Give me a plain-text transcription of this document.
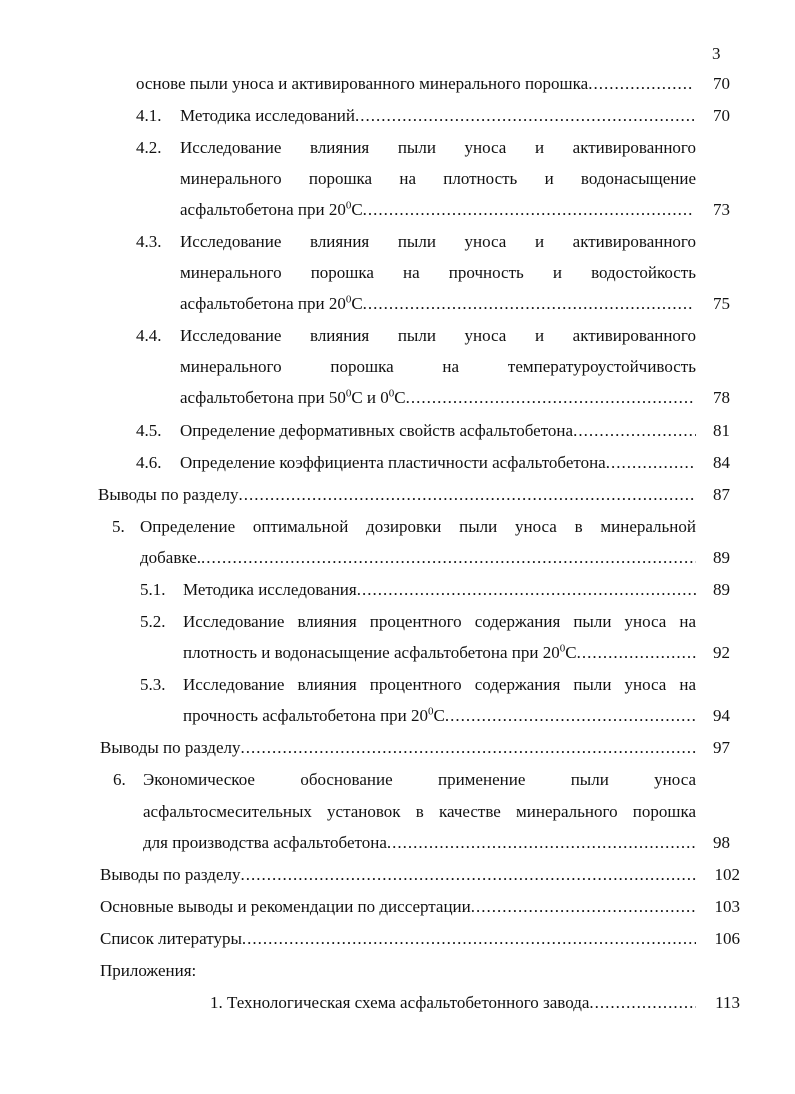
3
основе пыли уноса и активированного минерального порошка .....	70
4.1. Методика исследований .....	70
4.2. Исследование влияния пыли уноса и активированного
минерального порошка на плотность и водонасыщение
асфальтобетона при $20^0С$ .....	73
4.3. Исследование влияния пыли уноса и активированного
минерального порошка на прочность и водостойкость
асфальтобетона при $20^0С$ .....	75
4.4. Исследование влияния пыли уноса и активированного
минерального порошка на температуроустойчивость
асфальтобетона при $50^0С$ и $0^0С$ .....	78
4.5. Определение деформативных свойств асфальтобетона .....	81
4.6. Определение коэффициента пластичности асфальтобетона .....	84
Выводы по разделу .....	87
5. Определение оптимальной дозировки пыли уноса в минеральной
добавке. .....	89
5.1. Методика исследования .....	89
5.2. Исследование влияния процентного содержания пыли уноса на
плотность и водонасыщение асфальтобетона при $20^0С$ .....	92
5.3. Исследование влияния процентного содержания пыли уноса на
прочность асфальтобетона при $20^0С$ .....	94
Выводы по разделу .....	97
6. Экономическое обоснование применение пыли уноса
асфальтосмесительных установок в качестве минерального порошка
для производства асфальтобетона .....	98
Выводы по разделу .....	102
Основные выводы и рекомендации по диссертации .....	103
Список литературы .....	106
Приложения:
1. Технологическая схема асфальтобетонного завода .....	113
